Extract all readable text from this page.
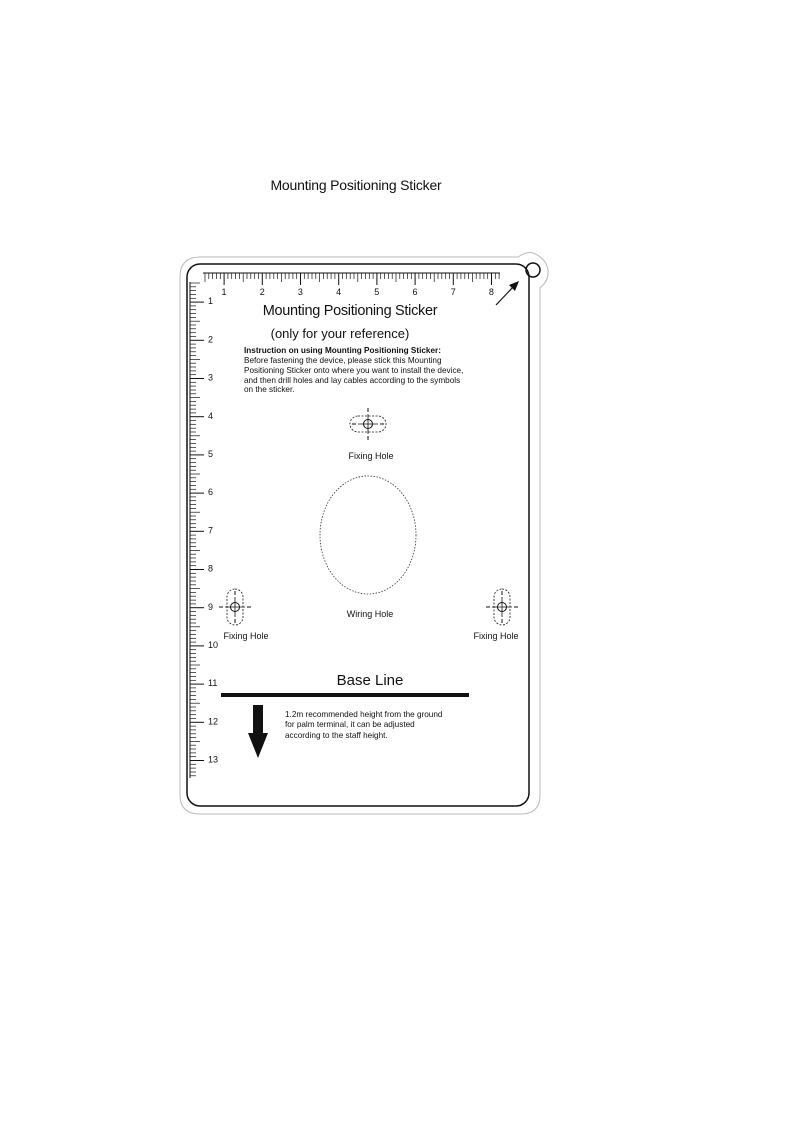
Mounting Positioning Sticker
1	2	3	4	5	6	7	8
1
2
3
4
5
6
7
8
9
10
11
12
13
Mounting Positioning Sticker
(only for your reference)
Instruction on using Mounting Positioning Sticker:
Before fastening the device, please stick this Mounting Positioning Sticker onto where you want to install the device, and then drill holes and lay cables according to the symbols on the sticker.
Fixing Hole
Wiring Hole
Fixing Hole	Fixing Hole
Base Line
1.2m recommended height from the ground for palm terminal, it can be adjusted according to the staff height.
